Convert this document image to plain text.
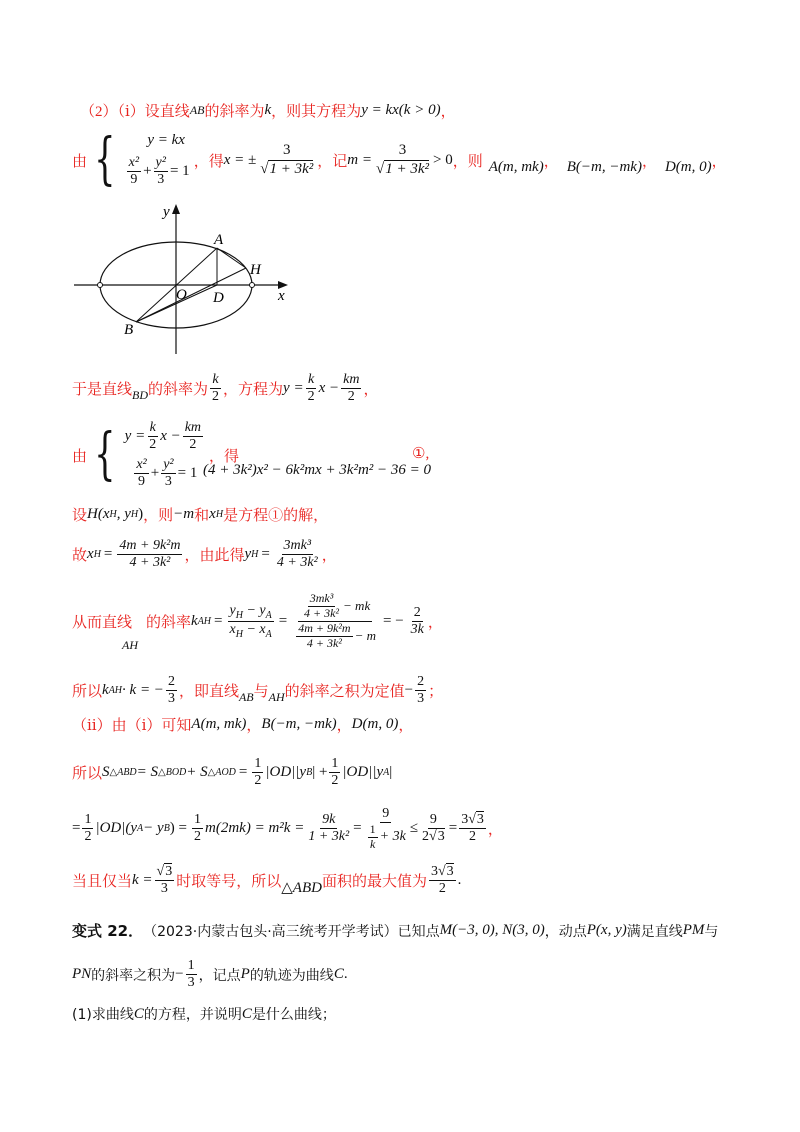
（2）（ⅰ）设直线 AB 的斜率为 k ，则其方程为 y = kx (k > 0) ，
由 {	y = kx
$\frac{\text{x²}}{9} + \frac{\text{y²}}{3} = 1$
，得 x = ± $\frac{3}{\text{√1 + 3k²}}$ ，记 $m = \frac{3}{\text{√1 + 3k²}} > 0$ ，则 A(m, mk) ， B(−m, −mk) ， D(m, 0) ，
y
x
A
H
O D
B
于是直线 BD 的斜率为 $\frac{k}{2}$ ，方程为 $y = \frac{k}{2}$ $x - \frac{km}{2}$ ，
由 { $y = \frac{k}{2}$ $x - \frac{km}{2}$
$\frac{\text{x²}}{9} + \frac{\text{y²}}{3} = 1$
，得
(4 + 3k²)x² − 6k²mx + 3k²m² − 36 = 0
①,
设 H(x H , y H ) ，则 −m 和 x H 是方程①的解，
故 x $H = \frac{\text{4m + 9k²m}}{\text{4 + 3k²}}$ ，由此得 y $H = \frac{\text{3mk³}}{\text{4 + 3k²}}$ ，
从而直线
AH
的斜率 k AH = $\frac{y_H - y_A}{x_H - x_A} = \frac{\frac{\text{3mk³}}{\text{4 + 3k²}} - mk}{\frac{\text{4m + 9k²m}}{\text{4 + 3k²}} - m}$ = − $\frac{2}{3k}$ ，
所以 k AH · k = − $\frac{2}{3}$ ，即直线 AB 与 AH 的斜率之积为定值 − $\frac{2}{3}$ ；
（ⅱ）由（ⅰ）可知 A(m, mk) ， B(−m, −mk) ， D(m, 0) ，
所以 S △ABD = S △BOD + S △AOD = $\frac{1}{2} |OD||y$ B | + $\frac{1}{2} |OD||y$ A |
= $\frac{1}{2} |OD|(y$ A − y B ) = $\frac{1}{2} m(2mk) = m^2k = \frac{9k}{\text{1 + 3k²}} = \frac{9}{\frac{1}{k} + 3k} \le \frac{9}{2√3} = \frac{3√3}{2}$ ，
当且仅当 $k = \frac{√3}{3}$ 时取等号，所以 △ABD 面积的最大值为 $\frac{3√3}{2}$ .
变式 22． （2023·内蒙古包头·高三统考开学考试）已知点 M(−3, 0), N(3, 0) ，动点 P(x, y) 满足直线 PM 与
PN 的斜率之积为 − $\frac{1}{3}$ ，记点 P 的轨迹为曲线 C .
(1)求曲线 C 的方程，并说明 C 是什么曲线；
